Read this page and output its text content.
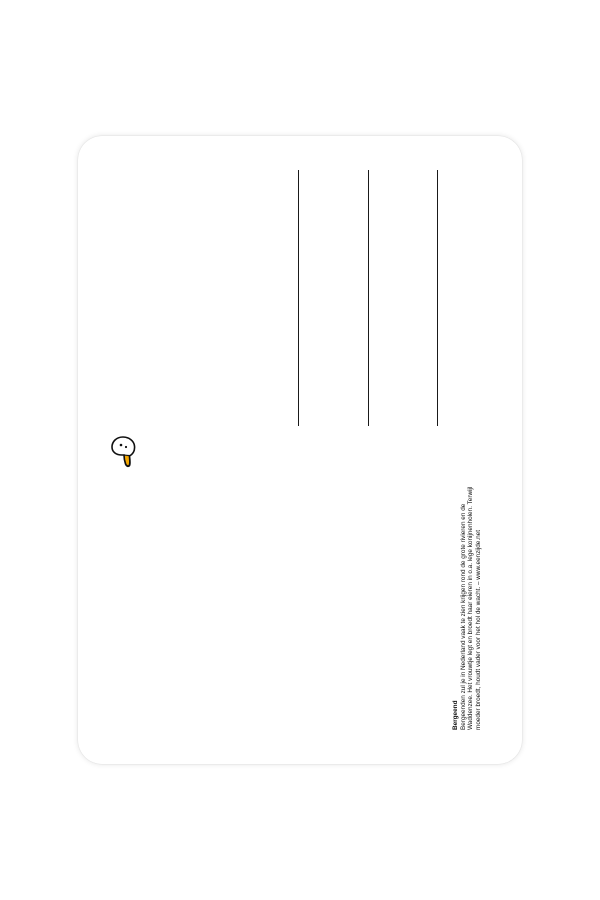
Bergeend Bergeenden zul je in Nederland vaak te zien krijgen rond de grote rivieren en de Waddenzee. Het vrouwtje legt en broedt haar eieren in o.a. lege konijnenholen. Terwijl moeder broedt, houdt vader voor het hol de wacht. – www.eenzijde.net
